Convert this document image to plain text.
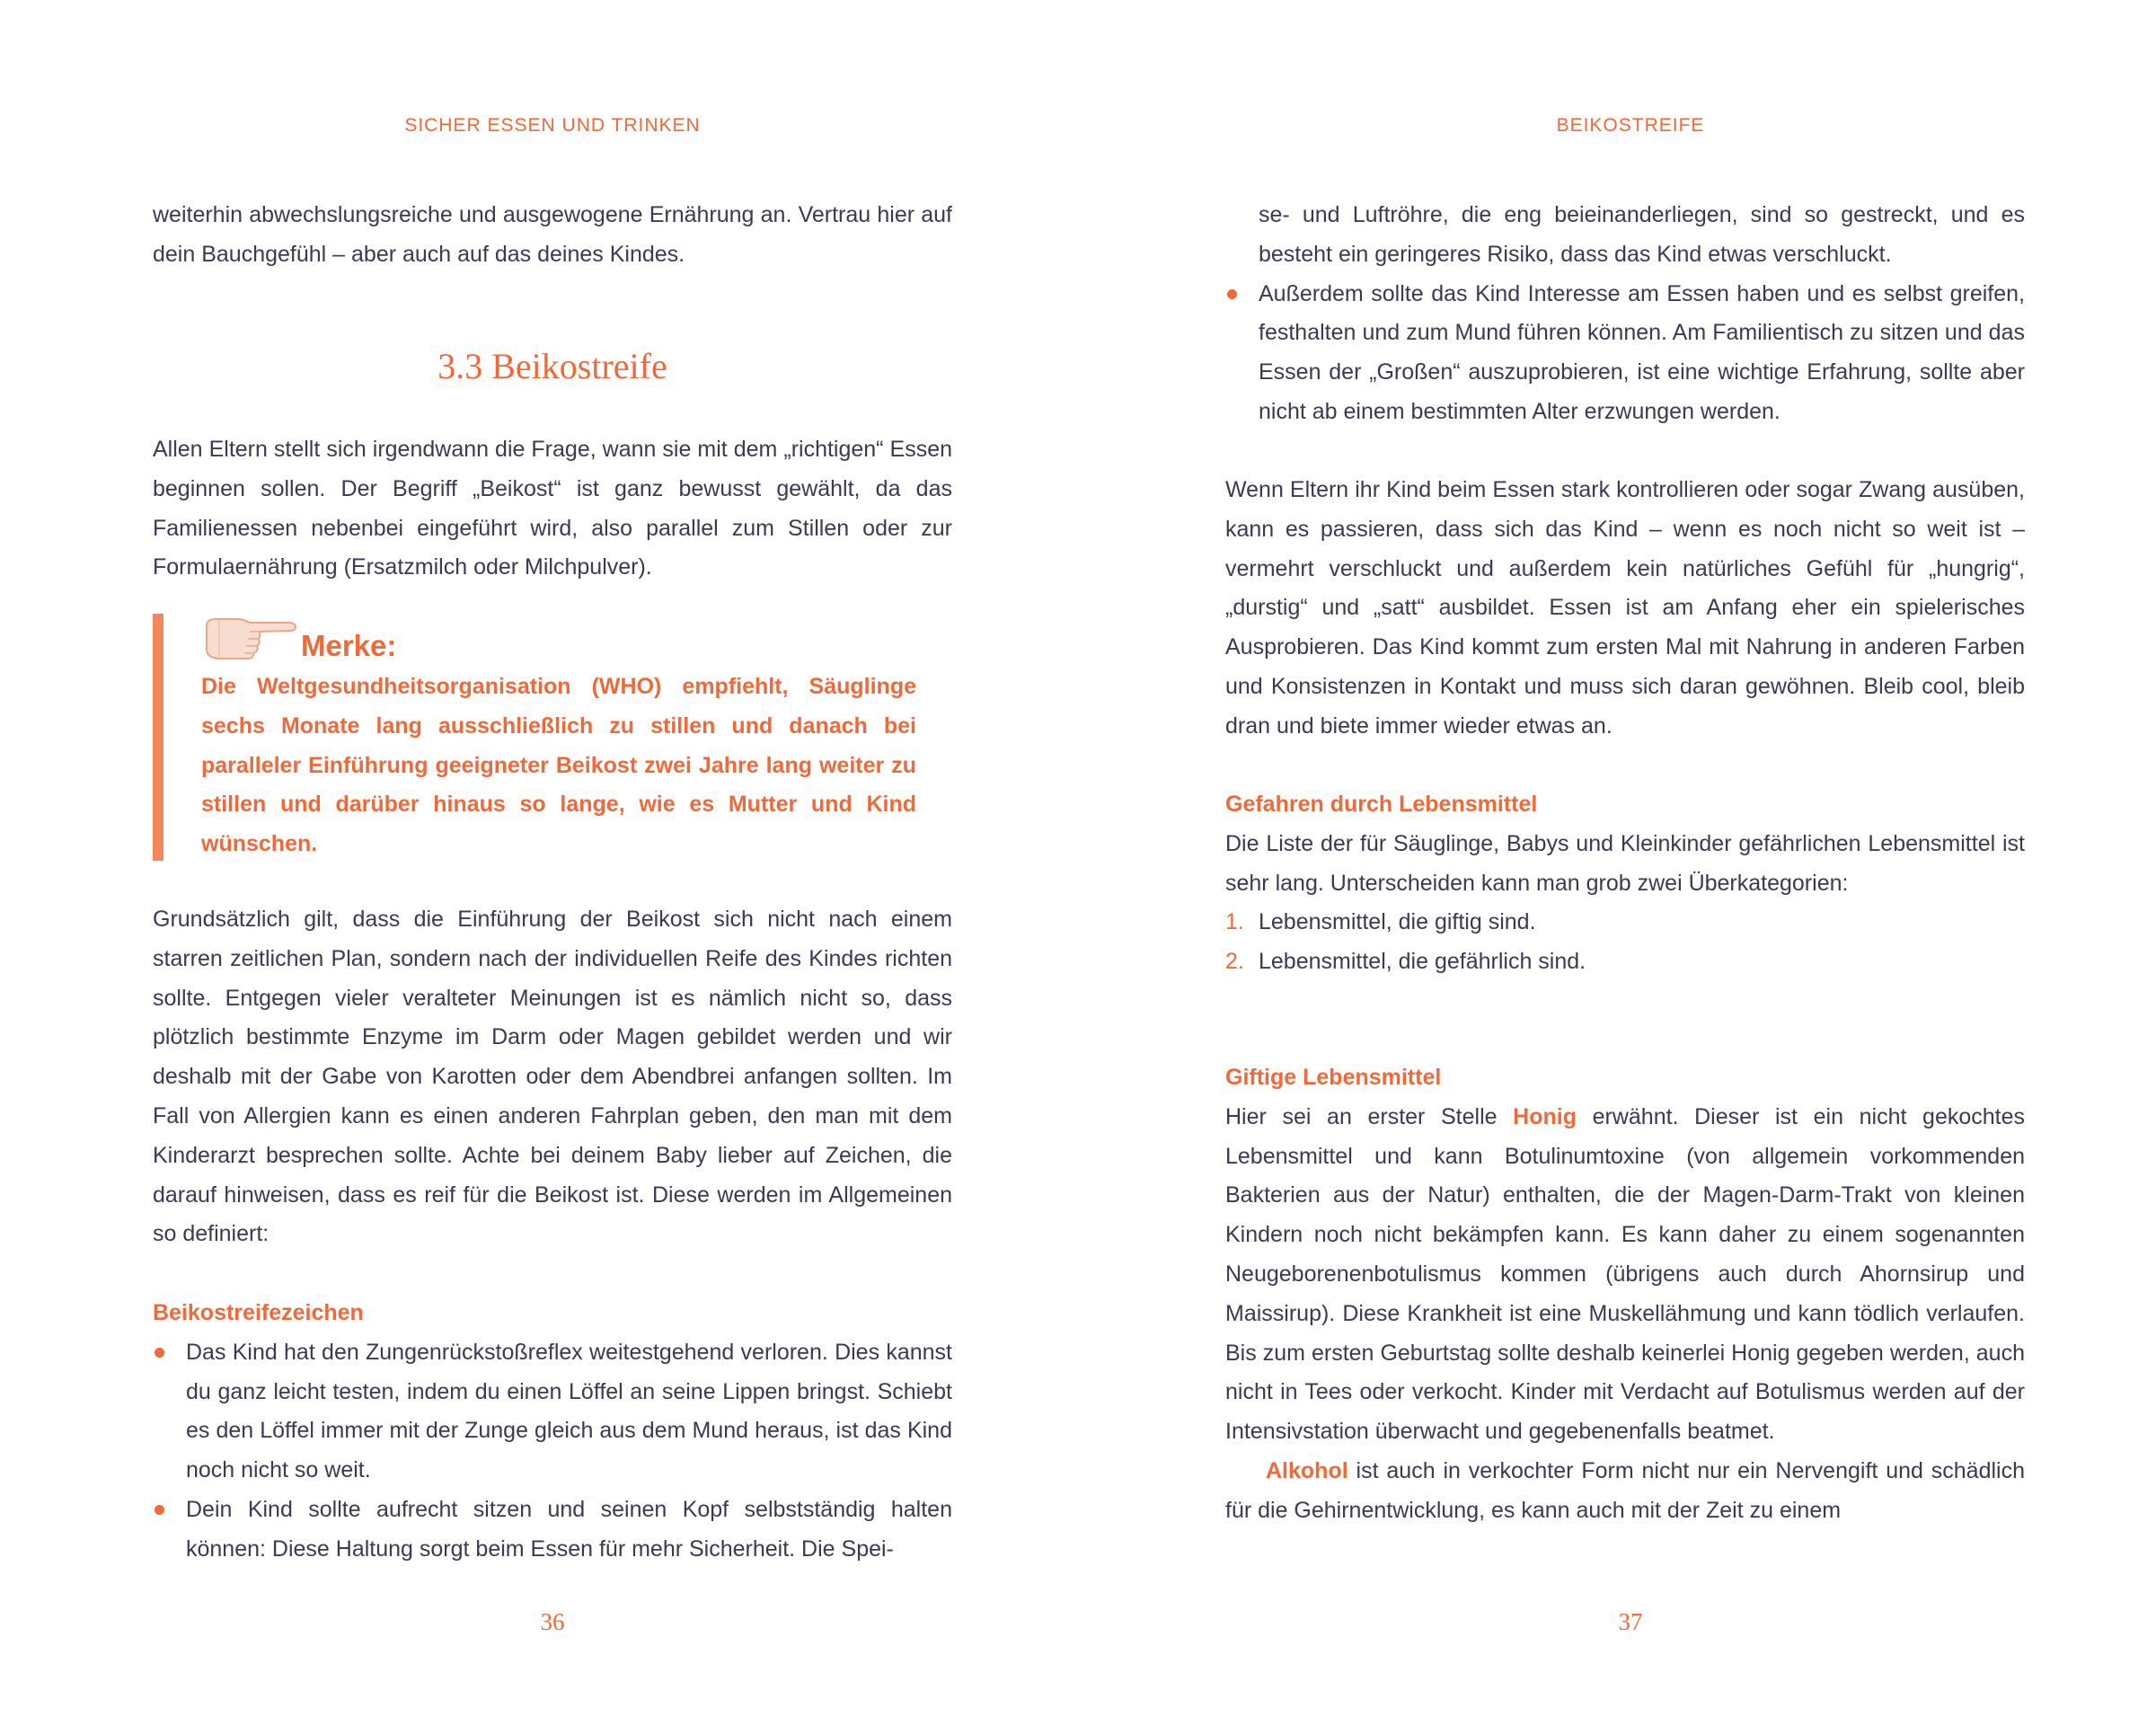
SICHER ESSEN UND TRINKEN

weiterhin abwechslungsreiche und ausgewogene Ernährung an. Vertrau hier auf dein Bauchgefühl – aber auch auf das deines Kindes.

3.3 Beikostreife

Allen Eltern stellt sich irgendwann die Frage, wann sie mit dem „richtigen“ Essen beginnen sollen. Der Begriff „Beikost“ ist ganz bewusst gewählt, da das Familienessen nebenbei eingeführt wird, also parallel zum Stillen oder zur Formulaernährung (Ersatzmilch oder Milchpulver).

Merke:

Die Weltgesundheitsorganisation (WHO) empfiehlt, Säuglinge sechs Monate lang ausschließlich zu stillen und danach bei paralleler Einführung geeigneter Beikost zwei Jahre lang weiter zu stillen und darüber hinaus so lange, wie es Mutter und Kind wünschen.

Grundsätzlich gilt, dass die Einführung der Beikost sich nicht nach einem starren zeitlichen Plan, sondern nach der individuellen Reife des Kindes richten sollte. Entgegen vieler veralteter Meinungen ist es nämlich nicht so, dass plötzlich bestimmte Enzyme im Darm oder Magen gebildet werden und wir deshalb mit der Gabe von Karotten oder dem Abendbrei anfangen sollten. Im Fall von Allergien kann es einen anderen Fahrplan geben, den man mit dem Kinderarzt besprechen sollte. Achte bei deinem Baby lieber auf Zeichen, die darauf hinweisen, dass es reif für die Beikost ist. Diese werden im Allgemeinen so definiert:

Beikostreifezeichen

Das Kind hat den Zungenrückstoßreflex weitestgehend verloren. Dies kannst du ganz leicht testen, indem du einen Löffel an seine Lippen bringst. Schiebt es den Löffel immer mit der Zunge gleich aus dem Mund heraus, ist das Kind noch nicht so weit.
Dein Kind sollte aufrecht sitzen und seinen Kopf selbstständig halten können: Diese Haltung sorgt beim Essen für mehr Sicherheit. Die Spei-
36
BEIKOSTREIFE
se- und Luftröhre, die eng beieinanderliegen, sind so gestreckt, und es besteht ein geringeres Risiko, dass das Kind etwas verschluckt.
Außerdem sollte das Kind Interesse am Essen haben und es selbst greifen, festhalten und zum Mund führen können. Am Familientisch zu sitzen und das Essen der „Großen“ auszuprobieren, ist eine wichtige Erfahrung, sollte aber nicht ab einem bestimmten Alter erzwungen werden.

Wenn Eltern ihr Kind beim Essen stark kontrollieren oder sogar Zwang ausüben, kann es passieren, dass sich das Kind – wenn es noch nicht so weit ist – vermehrt verschluckt und außerdem kein natürliches Gefühl für „hungrig“, „durstig“ und „satt“ ausbildet. Essen ist am Anfang eher ein spielerisches Ausprobieren. Das Kind kommt zum ersten Mal mit Nahrung in anderen Farben und Konsistenzen in Kontakt und muss sich daran gewöhnen. Bleib cool, bleib dran und biete immer wieder etwas an.

Gefahren durch Lebensmittel

Die Liste der für Säuglinge, Babys und Kleinkinder gefährlichen Lebensmittel ist sehr lang. Unterscheiden kann man grob zwei Überkategorien:

1. Lebensmittel, die giftig sind.
2. Lebensmittel, die gefährlich sind.

Giftige Lebensmittel

Hier sei an erster Stelle Honig erwähnt. Dieser ist ein nicht gekochtes Lebensmittel und kann Botulinumtoxine (von allgemein vorkommenden Bakterien aus der Natur) enthalten, die der Magen-Darm-Trakt von kleinen Kindern noch nicht bekämpfen kann. Es kann daher zu einem sogenannten Neugeborenenbotulismus kommen (übrigens auch durch Ahornsirup und Maissirup). Diese Krankheit ist eine Muskellähmung und kann tödlich verlaufen. Bis zum ersten Geburtstag sollte deshalb keinerlei Honig gegeben werden, auch nicht in Tees oder verkocht. Kinder mit Verdacht auf Botulismus werden auf der Intensivstation überwacht und gegebenenfalls beatmet.

Alkohol ist auch in verkochter Form nicht nur ein Nervengift und schädlich für die Gehirnentwicklung, es kann auch mit der Zeit zu einem

37
